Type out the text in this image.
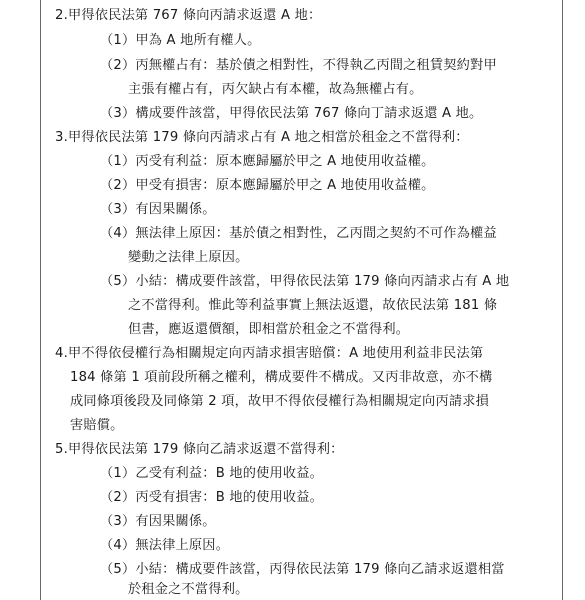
2.甲得依民法第 767 條向丙請求返還 A 地：
（1）甲為 A 地所有權人。
（2）丙無權占有：基於債之相對性，不得執乙丙間之租賃契約對甲
主張有權占有，丙欠缺占有本權，故為無權占有。
（3）構成要件該當，甲得依民法第 767 條向丁請求返還 A 地。
3.甲得依民法第 179 條向丙請求占有 A 地之相當於租金之不當得利：
（1）丙受有利益：原本應歸屬於甲之 A 地使用收益權。
（2）甲受有損害：原本應歸屬於甲之 A 地使用收益權。
（3）有因果關係。
（4）無法律上原因：基於債之相對性，乙丙間之契約不可作為權益
變動之法律上原因。
（5）小結：構成要件該當，甲得依民法第 179 條向丙請求占有 A 地
之不當得利。惟此等利益事實上無法返還，故依民法第 181 條
但書，應返還價額，即相當於租金之不當得利。
4.甲不得依侵權行為相關規定向丙請求損害賠償：A 地使用利益非民法第
184 條第 1 項前段所稱之權利，構成要件不構成。又丙非故意，亦不構
成同條項後段及同條第 2 項，故甲不得依侵權行為相關規定向丙請求損
害賠償。
5.甲得依民法第 179 條向乙請求返還不當得利：
（1）乙受有利益：B 地的使用收益。
（2）丙受有損害：B 地的使用收益。
（3）有因果關係。
（4）無法律上原因。
（5）小結：構成要件該當，丙得依民法第 179 條向乙請求返還相當
於租金之不當得利。
